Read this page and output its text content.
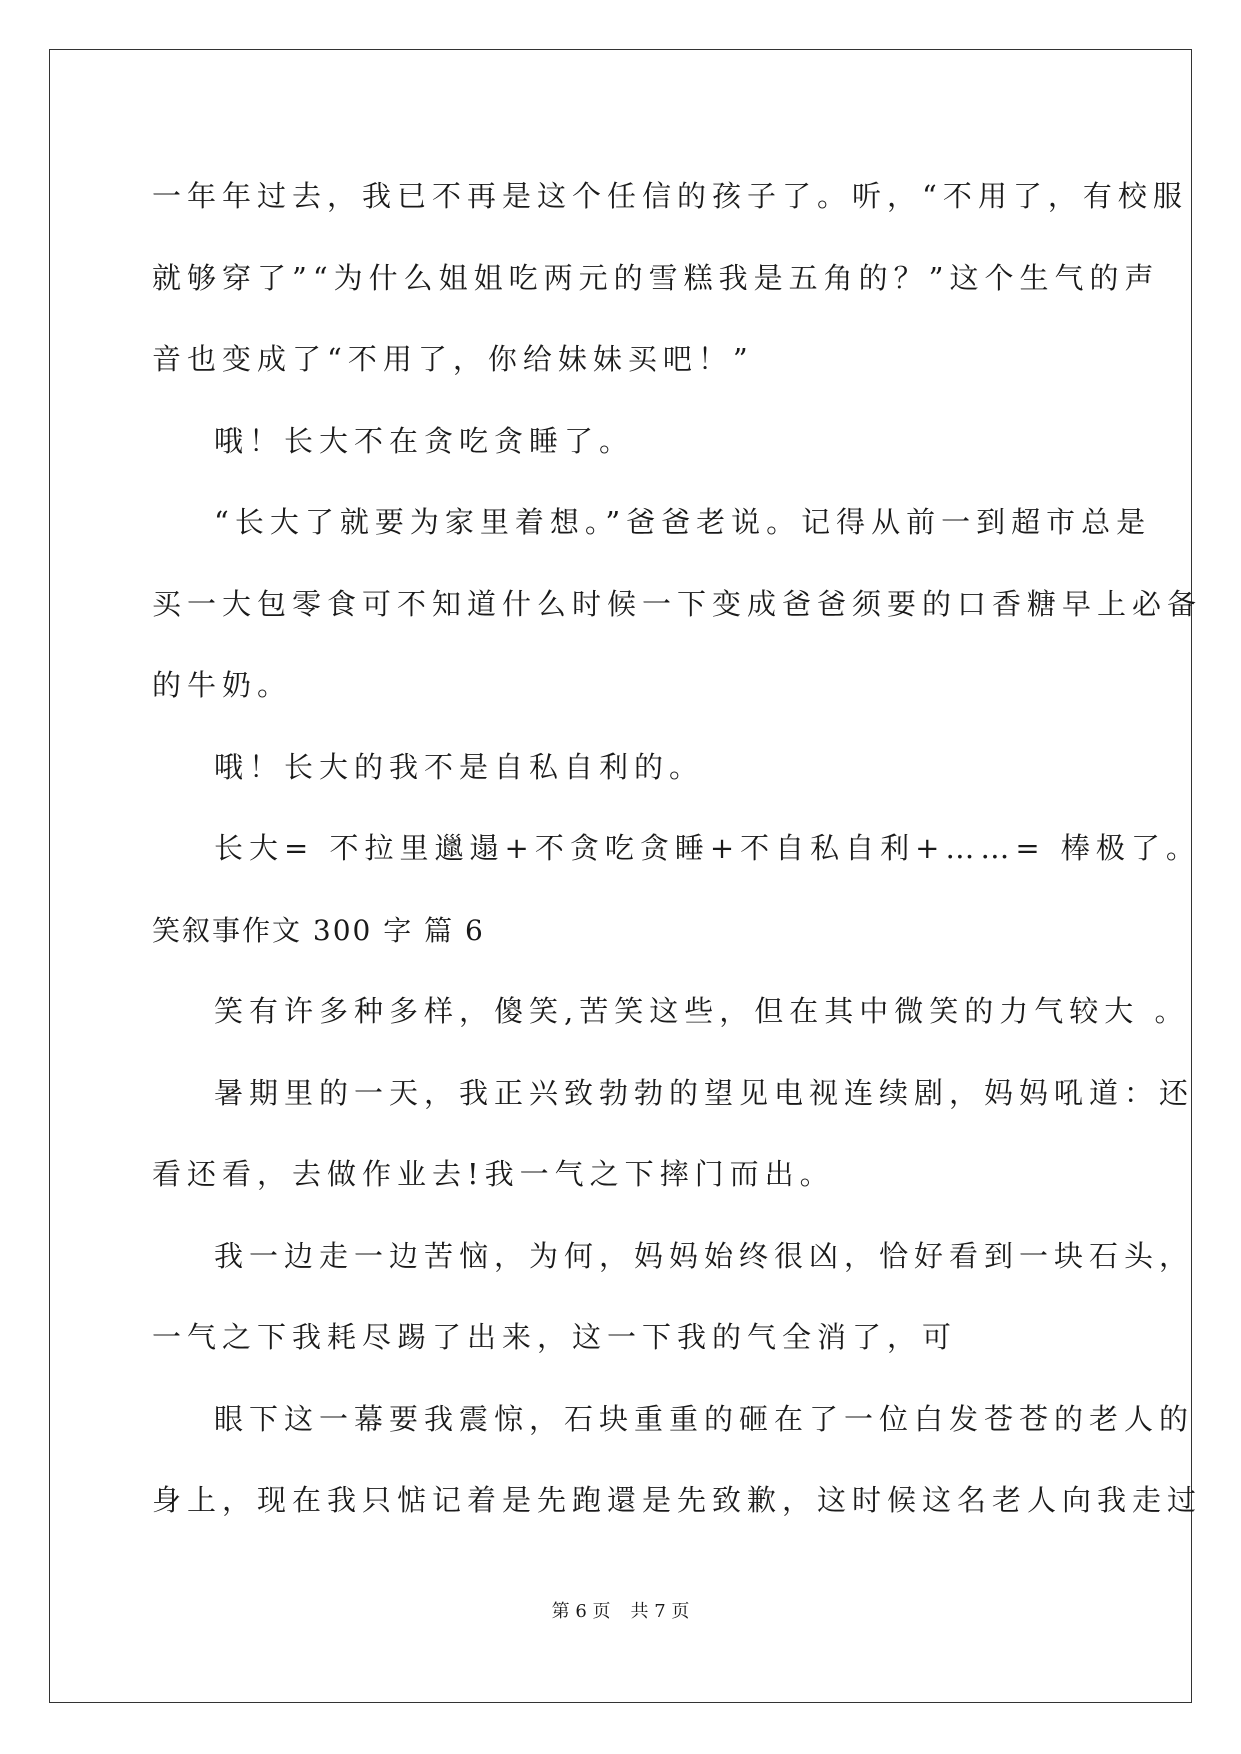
一年年过去，我已不再是这个任信的孩子了。听，“不用了，有校服
就够穿了”“为什么姐姐吃两元的雪糕我是五角的？”这个生气的声
音也变成了“不用了，你给妹妹买吧！”
哦！长大不在贪吃贪睡了。
“长大了就要为家里着想。”爸爸老说。记得从前一到超市总是
买一大包零食可不知道什么时候一下变成爸爸须要的口香糖早上必备
的牛奶。
哦！长大的我不是自私自利的。
长大= 不拉里邋遢+不贪吃贪睡+不自私自利+……= 棒极了。
笑叙事作文 300 字 篇 6
笑有许多种多样，傻笑,苦笑这些，但在其中微笑的力气较大 。
暑期里的一天，我正兴致勃勃的望见电视连续剧，妈妈吼道：还
看还看，去做作业去!我一气之下摔门而出。
我一边走一边苦恼，为何，妈妈始终很凶，恰好看到一块石头，
一气之下我耗尽踢了出来，这一下我的气全消了，可
眼下这一幕要我震惊，石块重重的砸在了一位白发苍苍的老人的
身上，现在我只惦记着是先跑還是先致歉，这时候这名老人向我走过
第 6 页 共 7 页
